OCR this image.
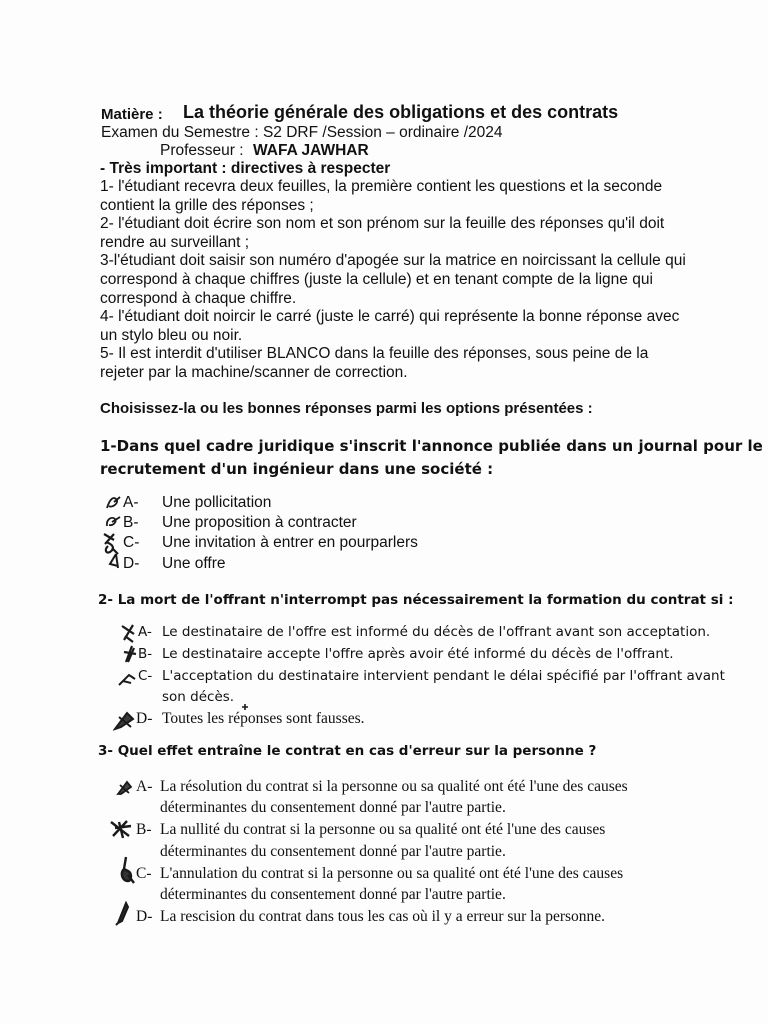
Matière : La théorie générale des obligations et des contrats
Examen du Semestre : S2 DRF /Session – ordinaire /2024
Professeur : WAFA JAWHAR
- Très important : directives à respecter
1- l'étudiant recevra deux feuilles, la première contient les questions et la seconde
contient la grille des réponses ;
2- l'étudiant doit écrire son nom et son prénom sur la feuille des réponses qu'il doit
rendre au surveillant ;
3-l'étudiant doit saisir son numéro d'apogée sur la matrice en noircissant la cellule qui
correspond à chaque chiffres (juste la cellule) et en tenant compte de la ligne qui
correspond à chaque chiffre.
4- l'étudiant doit noircir le carré (juste le carré) qui représente la bonne réponse avec
un stylo bleu ou noir.
5- Il est interdit d'utiliser BLANCO dans la feuille des réponses, sous peine de la
rejeter par la machine/scanner de correction.
Choisissez-la ou les bonnes réponses parmi les options présentées :
1-Dans quel cadre juridique s'inscrit l'annonce publiée dans un journal pour le
recrutement d'un ingénieur dans une société :
A- Une pollicitation
B- Une proposition à contracter
C- Une invitation à entrer en pourparlers
D- Une offre
2- La mort de l'offrant n'interrompt pas nécessairement la formation du contrat si :
A- Le destinataire de l'offre est informé du décès de l'offrant avant son acceptation.
B- Le destinataire accepte l'offre après avoir été informé du décès de l'offrant.
C- L'acceptation du destinataire intervient pendant le délai spécifié par l'offrant avant
son décès.
D- Toutes les réponses sont fausses.
3- Quel effet entraîne le contrat en cas d'erreur sur la personne ?
A- La résolution du contrat si la personne ou sa qualité ont été l'une des causes
déterminantes du consentement donné par l'autre partie.
B- La nullité du contrat si la personne ou sa qualité ont été l'une des causes
déterminantes du consentement donné par l'autre partie.
C- L'annulation du contrat si la personne ou sa qualité ont été l'une des causes
déterminantes du consentement donné par l'autre partie.
D- La rescision du contrat dans tous les cas où il y a erreur sur la personne.
